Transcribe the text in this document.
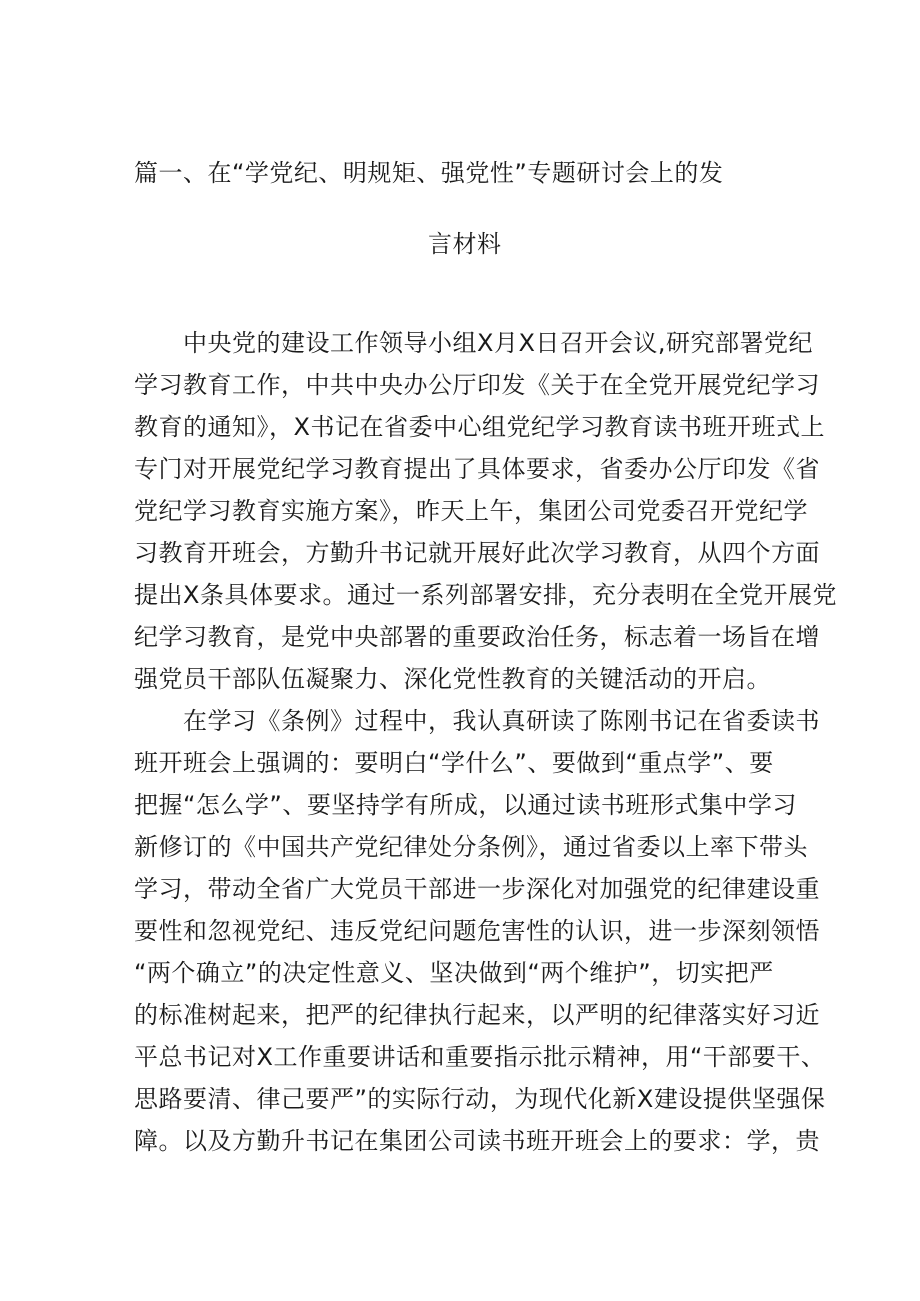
篇一、在“学党纪、明规矩、强党性”专题研讨会上的发
言材料
　　中央党的建设工作领导小组X月X日召开会议,研究部署党纪
学习教育工作，中共中央办公厅印发《关于在全党开展党纪学习
教育的通知》，X书记在省委中心组党纪学习教育读书班开班式上
专门对开展党纪学习教育提出了具体要求，省委办公厅印发《省
党纪学习教育实施方案》，昨天上午，集团公司党委召开党纪学
习教育开班会，方勤升书记就开展好此次学习教育，从四个方面
提出X条具体要求。通过一系列部署安排，充分表明在全党开展党
纪学习教育，是党中央部署的重要政治任务，标志着一场旨在增
强党员干部队伍凝聚力、深化党性教育的关键活动的开启。
　　在学习《条例》过程中，我认真研读了陈刚书记在省委读书
班开班会上强调的：要明白“学什么”、要做到“重点学”、要
把握“怎么学”、要坚持学有所成，以通过读书班形式集中学习
新修订的《中国共产党纪律处分条例》，通过省委以上率下带头
学习，带动全省广大党员干部进一步深化对加强党的纪律建设重
要性和忽视党纪、违反党纪问题危害性的认识，进一步深刻领悟
“两个确立”的决定性意义、坚决做到“两个维护”，切实把严
的标准树起来，把严的纪律执行起来，以严明的纪律落实好习近
平总书记对X工作重要讲话和重要指示批示精神，用“干部要干、
思路要清、律己要严”的实际行动，为现代化新X建设提供坚强保
障。以及方勤升书记在集团公司读书班开班会上的要求：学，贵
